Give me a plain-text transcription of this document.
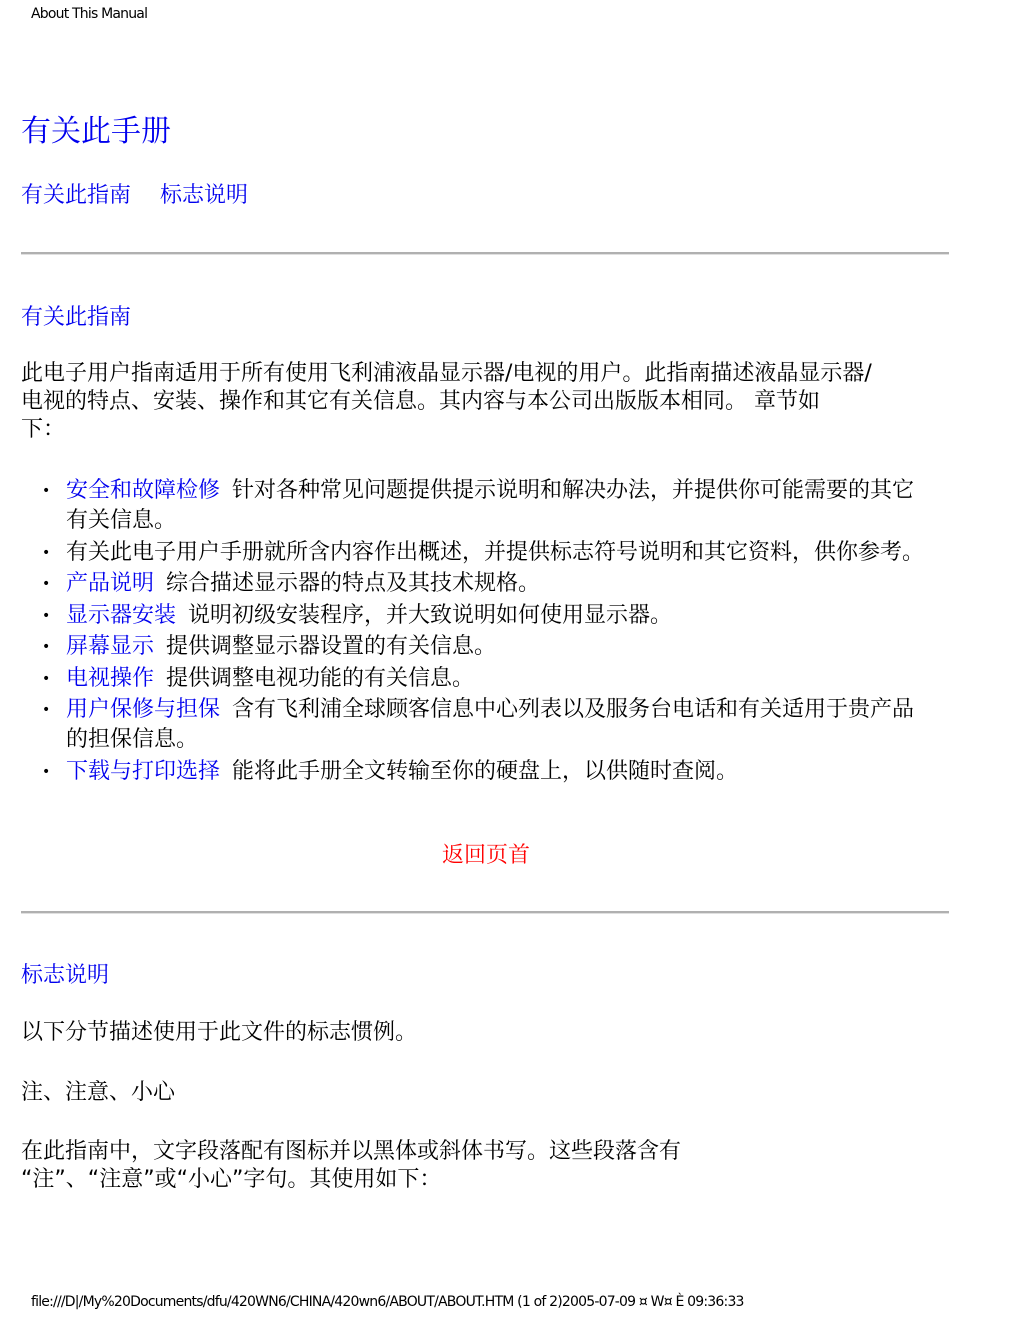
About This Manual
有关此手册
有关此指南 标志说明
有关此指南

此电子用户指南适用于所有使用飞利浦液晶显示器/电视的用户。此指南描述液晶显示器/
电视的特点、安装、操作和其它有关信息。其内容与本公司出版版本相同。 章节如
下：

• 安全和故障检修 针对各种常见问题提供提示说明和解决办法，并提供你可能需要的其它有关信息。
• 有关此电子用户手册就所含内容作出概述，并提供标志符号说明和其它资料，供你参考。
• 产品说明 综合描述显示器的特点及其技术规格。
• 显示器安装 说明初级安装程序，并大致说明如何使用显示器。
• 屏幕显示 提供调整显示器设置的有关信息。
• 电视操作 提供调整电视功能的有关信息。
• 用户保修与担保 含有飞利浦全球顾客信息中心列表以及服务台电话和有关适用于贵产品的担保信息。
• 下载与打印选择 能将此手册全文转输至你的硬盘上，以供随时查阅。
返回页首
标志说明

以下分节描述使用于此文件的标志惯例。

注、注意、小心

在此指南中，文字段落配有图标并以黑体或斜体书写。这些段落含有
“注”、“注意”或“小心”字句。其使用如下：

file:///D|/My%20Documents/dfu/420WN6/CHINA/420wn6/ABOUT/ABOUT.HTM (1 of 2)2005-07-09 ¤ W¤ È 09:36:33
